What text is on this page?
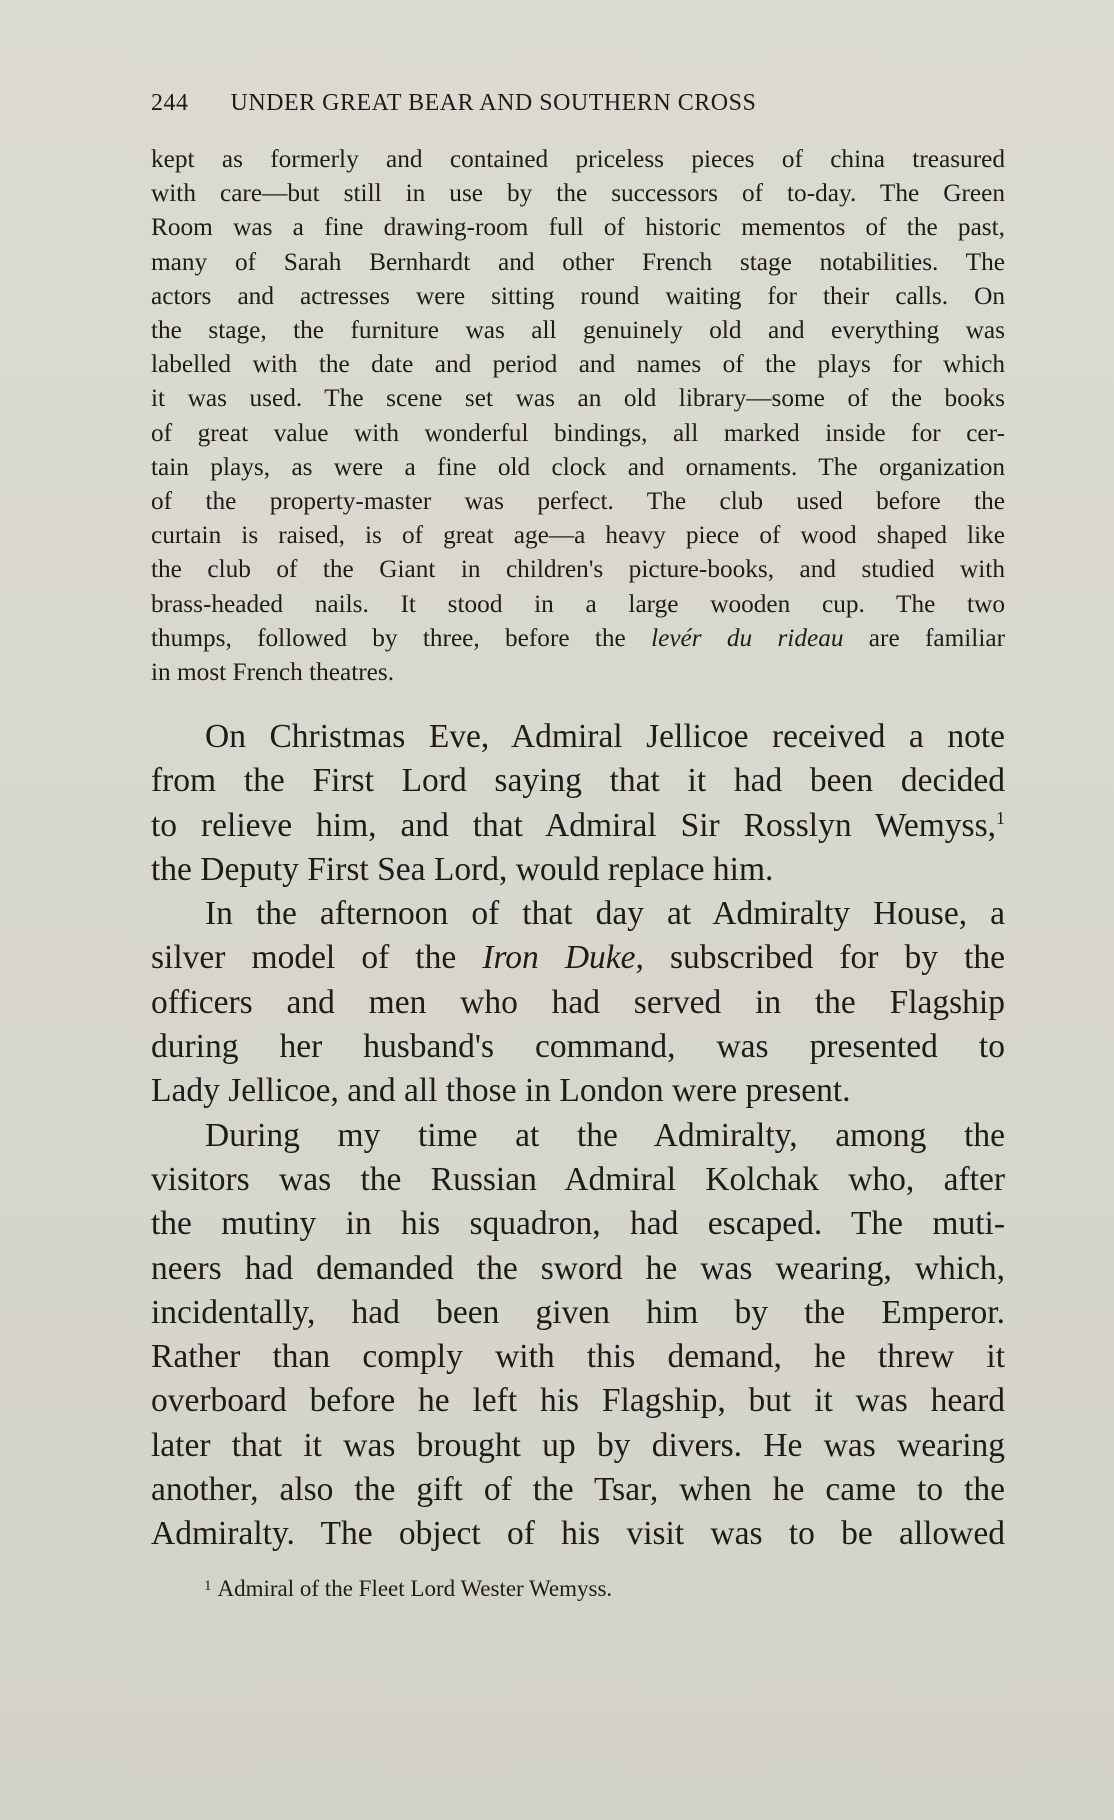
244 UNDER GREAT BEAR AND SOUTHERN CROSS
kept as formerly and contained priceless pieces of china treasured
with care—but still in use by the successors of to-day. The Green
Room was a fine drawing-room full of historic mementos of the past,
many of Sarah Bernhardt and other French stage notabilities. The
actors and actresses were sitting round waiting for their calls. On
the stage, the furniture was all genuinely old and everything was
labelled with the date and period and names of the plays for which
it was used. The scene set was an old library—some of the books
of great value with wonderful bindings, all marked inside for cer-
tain plays, as were a fine old clock and ornaments. The organization
of the property-master was perfect. The club used before the
curtain is raised, is of great age—a heavy piece of wood shaped like
the club of the Giant in children's picture-books, and studied with
brass-headed nails. It stood in a large wooden cup. The two
thumps, followed by three, before the levér du rideau are familiar
in most French theatres.
On Christmas Eve, Admiral Jellicoe received a note
from the First Lord saying that it had been decided
to relieve him, and that Admiral Sir Rosslyn Wemyss,$^1$
the Deputy First Sea Lord, would replace him.
In the afternoon of that day at Admiralty House, a
silver model of the Iron Duke, subscribed for by the
officers and men who had served in the Flagship
during her husband's command, was presented to
Lady Jellicoe, and all those in London were present.
During my time at the Admiralty, among the
visitors was the Russian Admiral Kolchak who, after
the mutiny in his squadron, had escaped. The muti-
neers had demanded the sword he was wearing, which,
incidentally, had been given him by the Emperor.
Rather than comply with this demand, he threw it
overboard before he left his Flagship, but it was heard
later that it was brought up by divers. He was wearing
another, also the gift of the Tsar, when he came to the
Admiralty. The object of his visit was to be allowed
$^1$ Admiral of the Fleet Lord Wester Wemyss.
